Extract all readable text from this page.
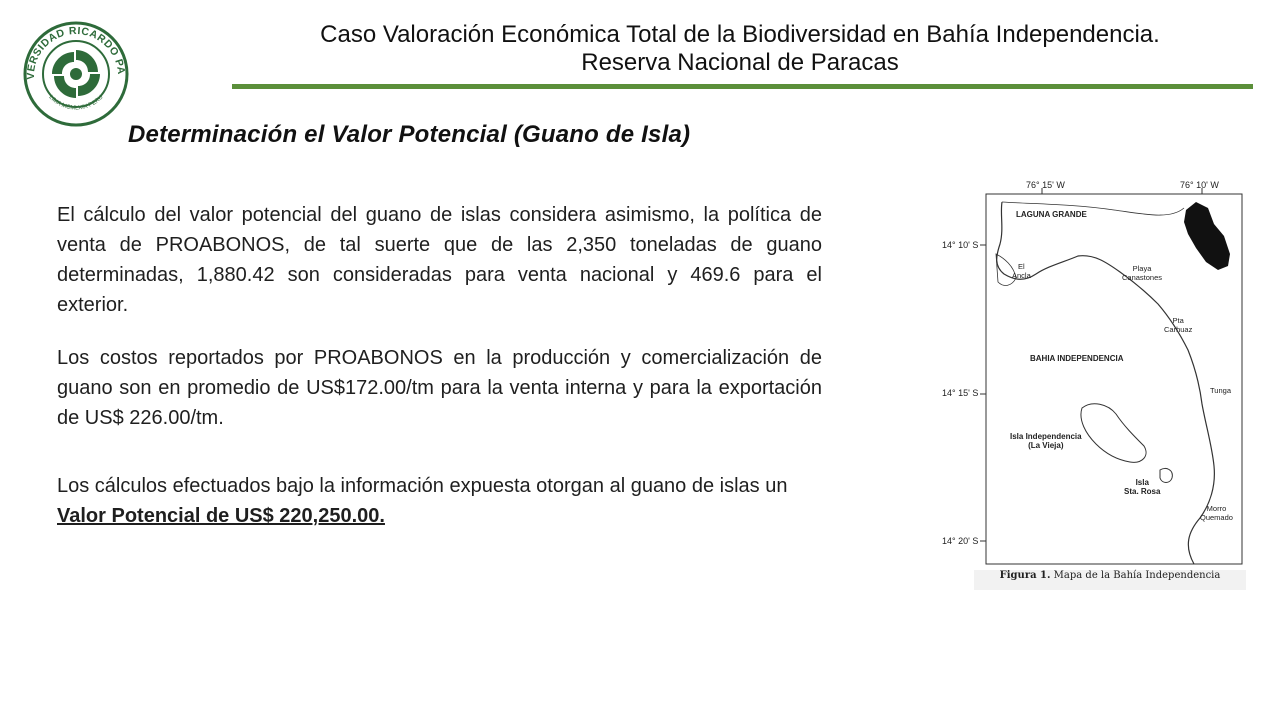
VERSIDAD RICARDO PA
LIMA MCMLXIX PERU
Caso Valoración Económica Total de la Biodiversidad en Bahía Independencia.
Reserva Nacional de Paracas
Determinación el Valor Potencial (Guano de Isla)
El cálculo del valor potencial del guano de islas considera asimismo, la política de venta de PROABONOS, de tal suerte que de las 2,350 toneladas de guano determinadas, 1,880.42 son consideradas para venta nacional y 469.6 para el exterior.
Los costos reportados por PROABONOS en la producción y comercialización de guano son en promedio de US$172.00/tm para la venta interna y para la exportación de US$ 226.00/tm.
Los cálculos efectuados bajo la información expuesta otorgan al guano de islas un Valor Potencial de US$ 220,250.00.
76° 15' W	76° 10' W
14° 10' S
14° 15' S
14° 20' S
LAGUNA GRANDE
El
Ancla
Playa
Canastones
Pta
Carhuaz
BAHIA INDEPENDENCIA
Tunga
Isla Independencia
(La Vieja)
Isla
Sta. Rosa
Morro
Quemado
Figura 1. Mapa de la Bahía Independencia
